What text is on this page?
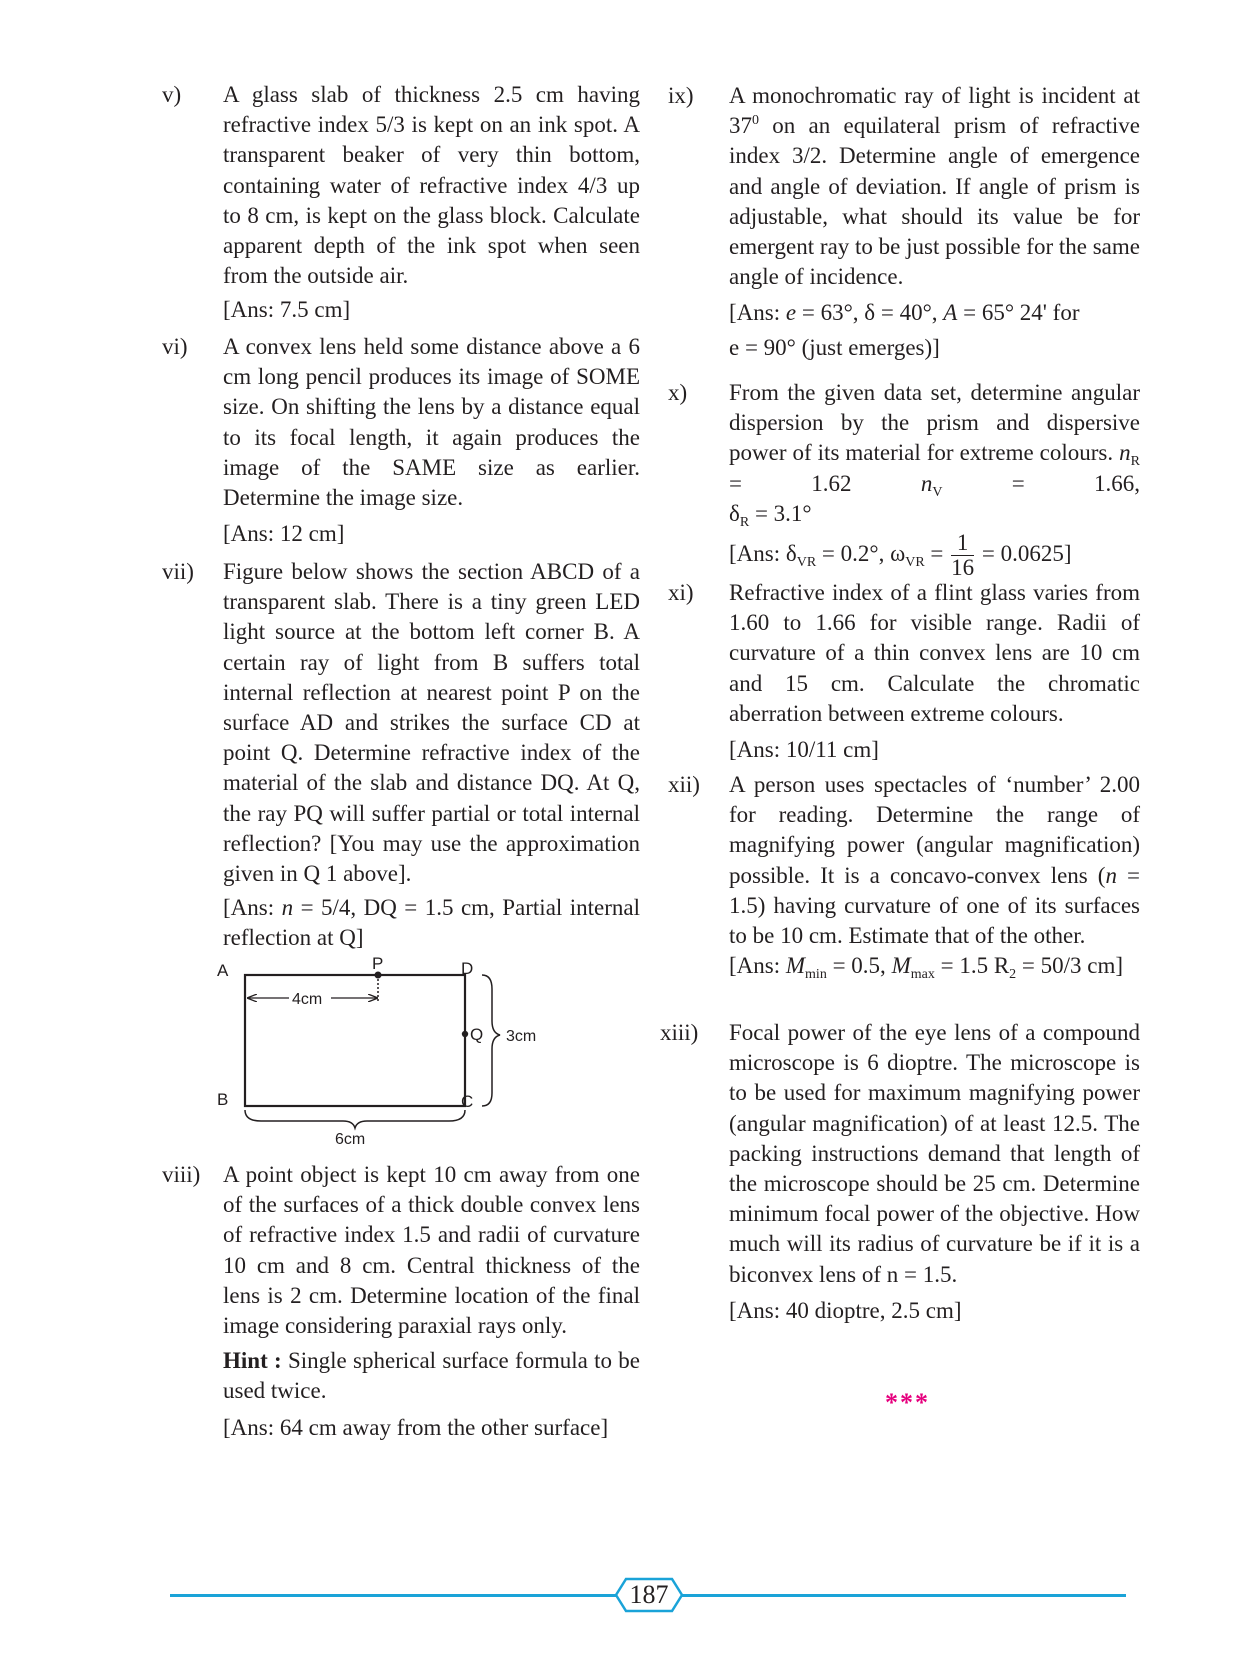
v) A glass slab of thickness 2.5 cm having refractive index 5/3 is kept on an ink spot. A transparent beaker of very thin bottom, containing water of refractive index 4/3 up to 8 cm, is kept on the glass block. Calculate apparent depth of the ink spot when seen from the outside air.

[Ans: 7.5 cm]

vi) A convex lens held some distance above a 6 cm long pencil produces its image of SOME size. On shifting the lens by a distance equal to its focal length, it again produces the image of the SAME size as earlier. Determine the image size.

[Ans: 12 cm]

vii) Figure below shows the section ABCD of a transparent slab. There is a tiny green LED light source at the bottom left corner B. A certain ray of light from B suffers total internal reflection at nearest point P on the surface AD and strikes the surface CD at point Q. Determine refractive index of the material of the slab and distance DQ. At Q, the ray PQ will suffer partial or total internal reflection? [You may use the approximation given in Q 1 above].

[Ans: n = 5/4, DQ = 1.5 cm, Partial internal reflection at Q]

A
B	C
D
P
Q
4cm
3cm
6cm
viii) A point object is kept 10 cm away from one of the surfaces of a thick double convex lens of refractive index 1.5 and radii of curvature 10 cm and 8 cm. Central thickness of the lens is 2 cm. Determine location of the final image considering paraxial rays only.

Hint : Single spherical surface formula to be used twice.

[Ans: 64 cm away from the other surface]

ix) A monochromatic ray of light is incident at $37^0$ on an equilateral prism of refractive index 3/2. Determine angle of emergence and angle of deviation. If angle of prism is adjustable, what should its value be for emergent ray to be just possible for the same angle of incidence.

[Ans: e = 63°, δ = 40°, A = 65° 24' for

e = 90° (just emerges)]

x) From the given data set, determine angular dispersion by the prism and dispersive power of its material for extreme colours. $n_R = 1.62$ $n_V = 1.66$,

$\delta_R = 3.1^\circ$

[Ans: $\delta_{VR} = 0.2^\circ$, $\omega_{VR} = \frac{1}{16} = 0.0625$]

xi) Refractive index of a flint glass varies from 1.60 to 1.66 for visible range. Radii of curvature of a thin convex lens are 10 cm and 15 cm. Calculate the chromatic aberration between extreme colours.

[Ans: 10/11 cm]

xii) A person uses spectacles of ‘number’ 2.00 for reading. Determine the range of magnifying power (angular magnification) possible. It is a concavo-convex lens (n = 1.5) having curvature of one of its surfaces to be 10 cm. Estimate that of the other.

[Ans: $M_{min} = 0.5$, $M_{max} = 1.5$ $R_2 = 50/3$ cm]

xiii) Focal power of the eye lens of a compound microscope is 6 dioptre. The microscope is to be used for maximum magnifying power (angular magnification) of at least 12.5. The packing instructions demand that length of the microscope should be 25 cm. Determine minimum focal power of the objective. How much will its radius of curvature be if it is a biconvex lens of n = 1.5.

[Ans: 40 dioptre, 2.5 cm]

***
187
